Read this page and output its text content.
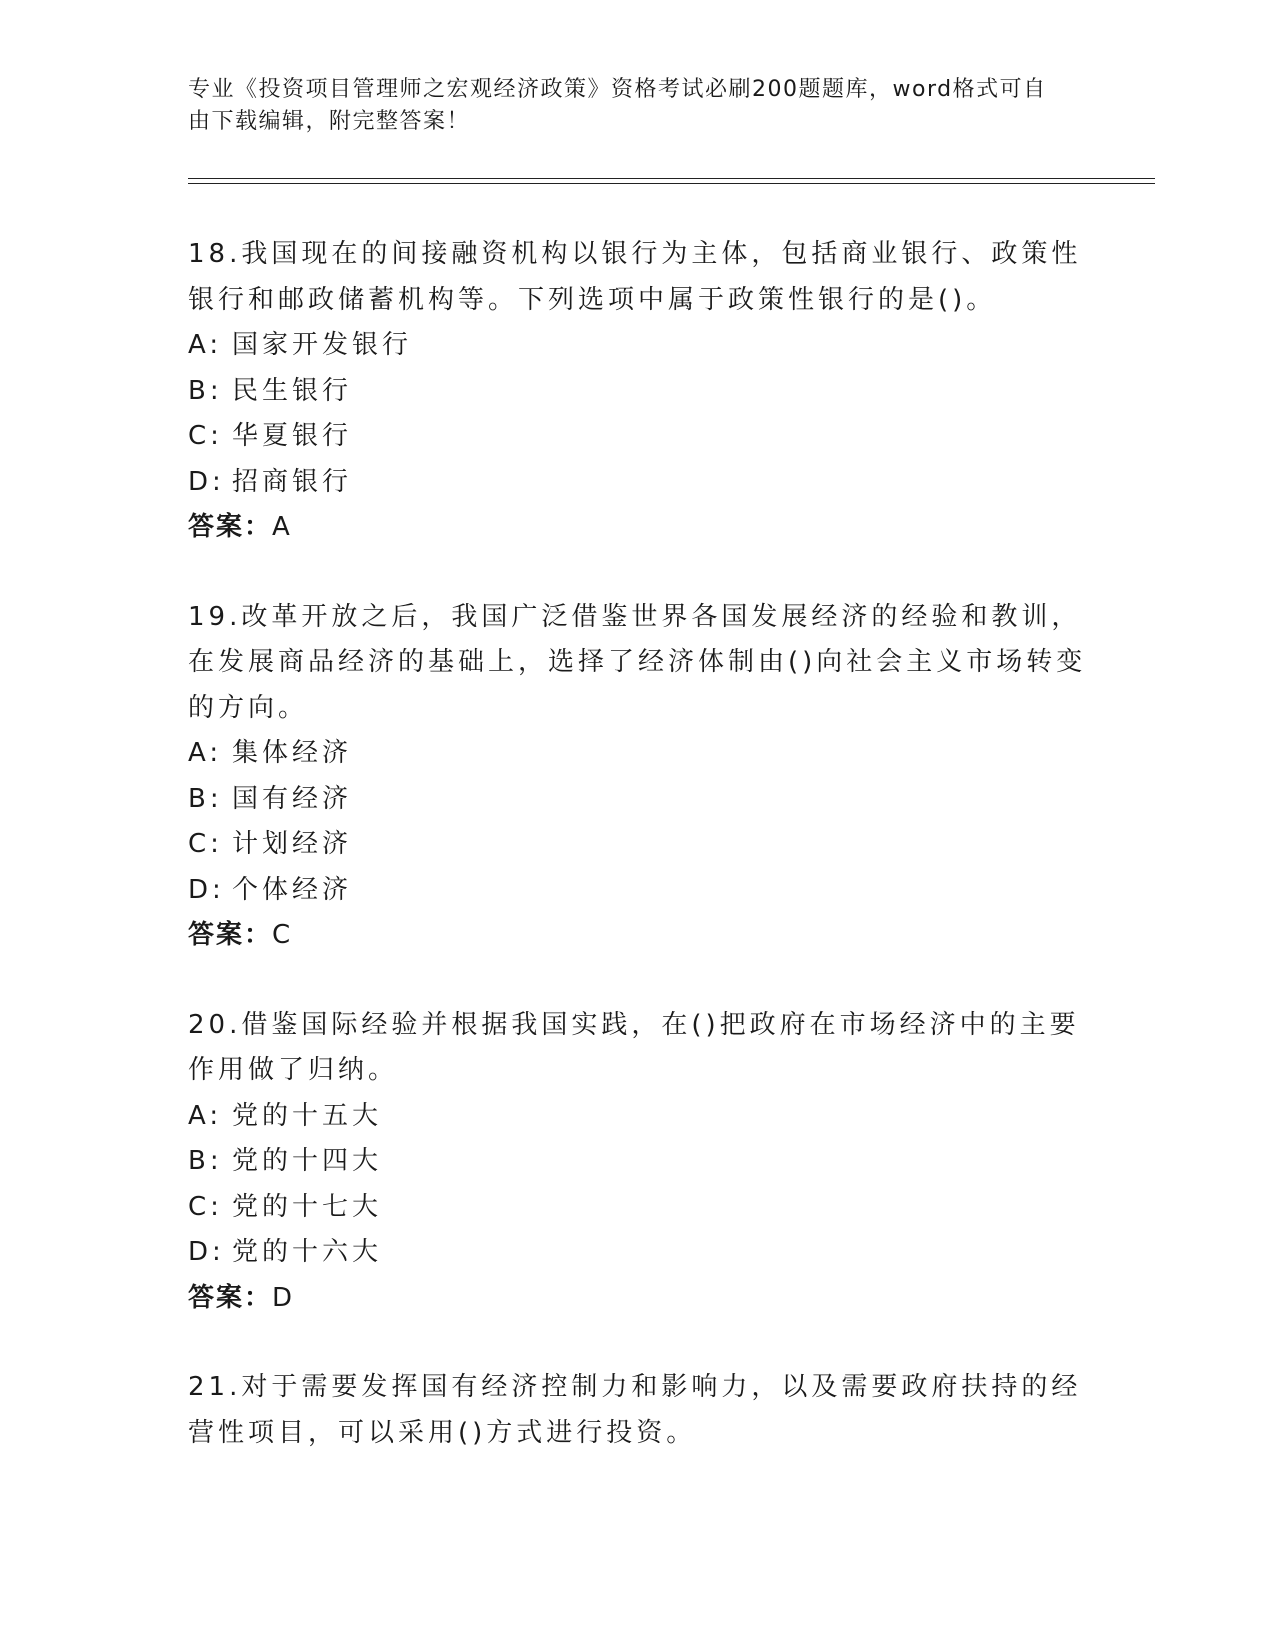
专业《投资项目管理师之宏观经济政策》资格考试必刷200题题库，word格式可自由下载编辑，附完整答案！

18.我国现在的间接融资机构以银行为主体，包括商业银行、政策性银行和邮政储蓄机构等。下列选项中属于政策性银行的是()。

A: 国家开发银行

B: 民生银行

C: 华夏银行

D: 招商银行

答案：A

19.改革开放之后，我国广泛借鉴世界各国发展经济的经验和教训，在发展商品经济的基础上，选择了经济体制由()向社会主义市场转变的方向。

A: 集体经济

B: 国有经济

C: 计划经济

D: 个体经济

答案：C

20.借鉴国际经验并根据我国实践，在()把政府在市场经济中的主要作用做了归纳。

A: 党的十五大

B: 党的十四大

C: 党的十七大

D: 党的十六大

答案：D

21.对于需要发挥国有经济控制力和影响力，以及需要政府扶持的经营性项目，可以采用()方式进行投资。
